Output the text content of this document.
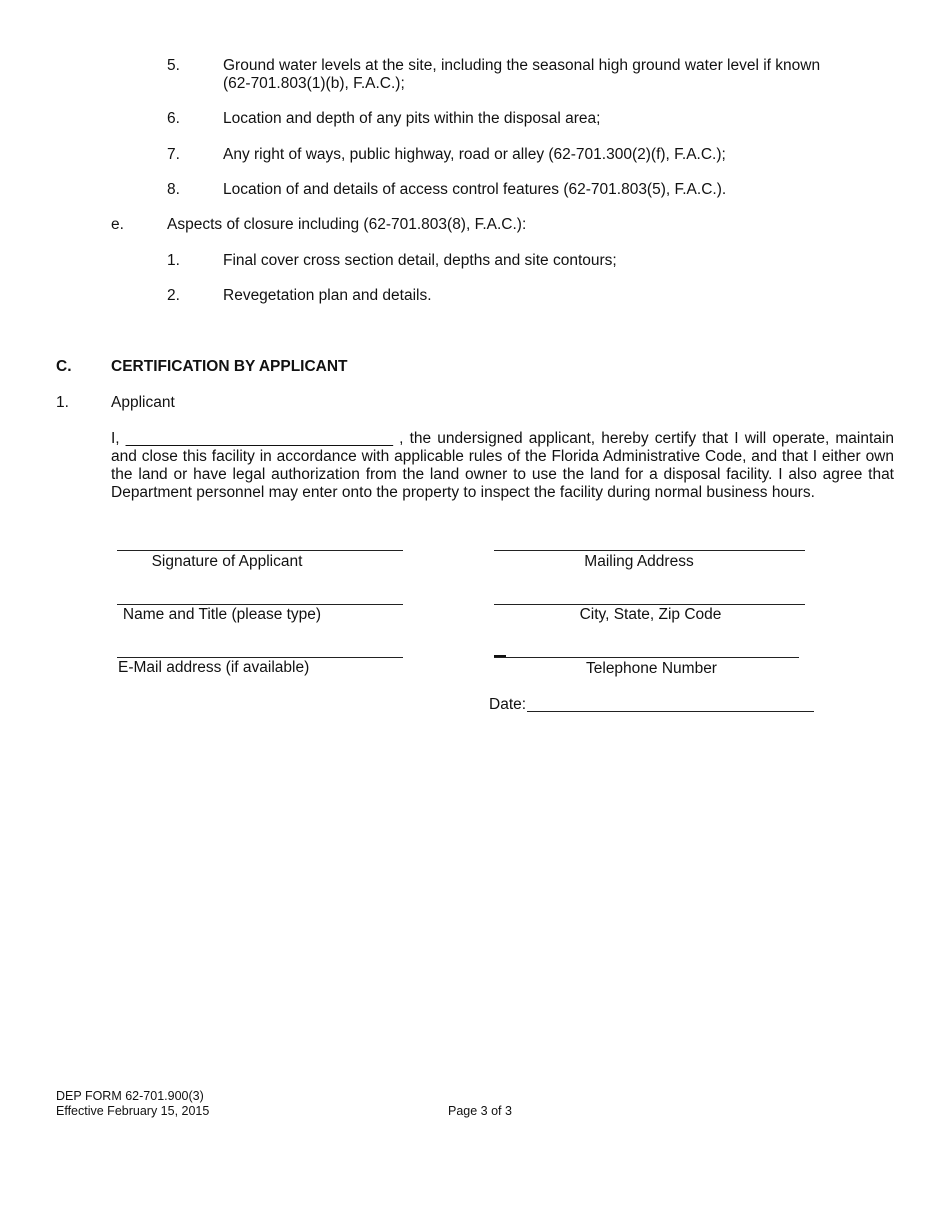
5.	Ground water levels at the site, including the seasonal high ground water level if known (62-701.803(1)(b), F.A.C.);
6.	Location and depth of any pits within the disposal area;
7.	Any right of ways, public highway, road or alley (62-701.300(2)(f), F.A.C.);
8.	Location of and details of access control features (62-701.803(5), F.A.C.).
e.	Aspects of closure including (62-701.803(8), F.A.C.):
1.	Final cover cross section detail, depths and site contours;
2.	Revegetation plan and details.
C.	CERTIFICATION BY APPLICANT
1.	Applicant
I, _______________________________ , the undersigned applicant, hereby certify that I will operate, maintain and close this facility in accordance with applicable rules of the Florida Administrative Code, and that I either own the land or have legal authorization from the land owner to use the land for a disposal facility. I also agree that Department personnel may enter onto the property to inspect the facility during normal business hours.
Signature of Applicant	Mailing Address
Name and Title (please type)	City, State, Zip Code
E-Mail address (if available)	Telephone Number
Date:
DEP FORM 62-701.900(3)
Effective February 15, 2015	Page 3 of 3
